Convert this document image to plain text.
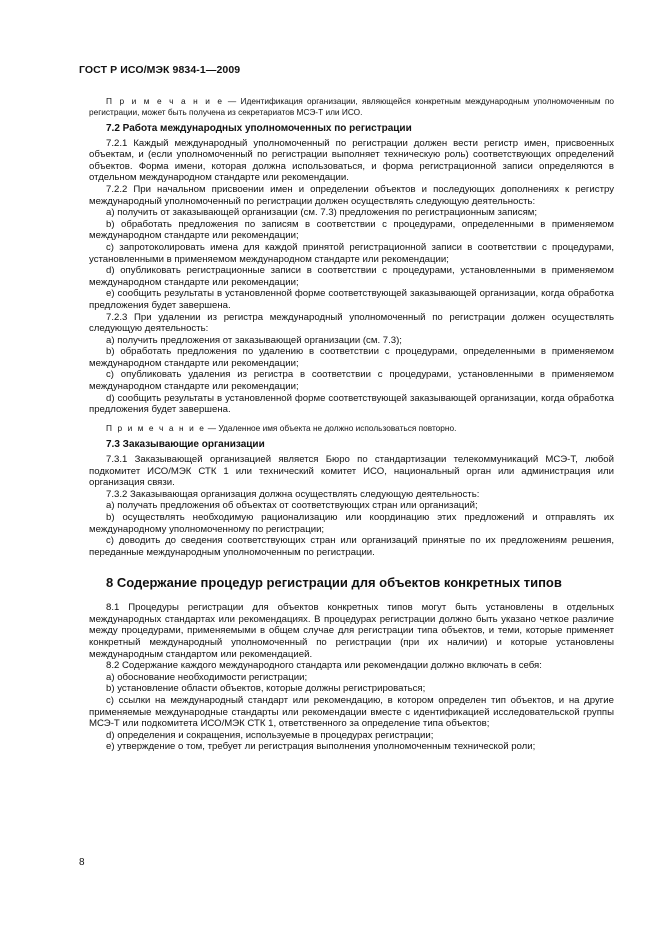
ГОСТ Р ИСО/МЭК 9834-1—2009

П р и м е ч а н и е — Идентификация организации, являющейся конкретным международным уполномоченным по регистрации, может быть получена из секретариатов МСЭ-Т или ИСО.

7.2 Работа международных уполномоченных по регистрации

7.2.1 Каждый международный уполномоченный по регистрации должен вести регистр имен, присвоенных объектам, и (если уполномоченный по регистрации выполняет техническую роль) соответствующих определений объектов. Форма имени, которая должна использоваться, и форма регистрационной записи определяются в отдельном международном стандарте или рекомендации.

7.2.2 При начальном присвоении имен и определении объектов и последующих дополнениях к регистру международный уполномоченный по регистрации должен осуществлять следующую деятельность:

a) получить от заказывающей организации (см. 7.3) предложения по регистрационным записям;

b) обработать предложения по записям в соответствии с процедурами, определенными в применяемом международном стандарте или рекомендации;

c) запротоколировать имена для каждой принятой регистрационной записи в соответствии с процедурами, установленными в применяемом международном стандарте или рекомендации;

d) опубликовать регистрационные записи в соответствии с процедурами, установленными в применяемом международном стандарте или рекомендации;

e) сообщить результаты в установленной форме соответствующей заказывающей организации, когда обработка предложения будет завершена.

7.2.3 При удалении из регистра международный уполномоченный по регистрации должен осуществлять следующую деятельность:

a) получить предложения от заказывающей организации (см. 7.3);

b) обработать предложения по удалению в соответствии с процедурами, определенными в применяемом международном стандарте или рекомендации;

c) опубликовать удаления из регистра в соответствии с процедурами, установленными в применяемом международном стандарте или рекомендации;

d) сообщить результаты в установленной форме соответствующей заказывающей организации, когда обработка предложения будет завершена.

П р и м е ч а н и е — Удаленное имя объекта не должно использоваться повторно.

7.3 Заказывающие организации

7.3.1 Заказывающей организацией является Бюро по стандартизации телекоммуникаций МСЭ-Т, любой подкомитет ИСО/МЭК СТК 1 или технический комитет ИСО, национальный орган или администрация или организация связи.

7.3.2 Заказывающая организация должна осуществлять следующую деятельность:

a) получать предложения об объектах от соответствующих стран или организаций;

b) осуществлять необходимую рационализацию или координацию этих предложений и отправлять их международному уполномоченному по регистрации;

c) доводить до сведения соответствующих стран или организаций принятые по их предложениям решения, переданные международным уполномоченным по регистрации.

8 Содержание процедур регистрации для объектов конкретных типов

8.1 Процедуры регистрации для объектов конкретных типов могут быть установлены в отдельных международных стандартах или рекомендациях. В процедурах регистрации должно быть указано четкое различие между процедурами, применяемыми в общем случае для регистрации типа объектов, и теми, которые применяет конкретный международный уполномоченный по регистрации (при их наличии) и которые установлены международным стандартом или рекомендацией.

8.2 Содержание каждого международного стандарта или рекомендации должно включать в себя:

a) обоснование необходимости регистрации;

b) установление области объектов, которые должны регистрироваться;

c) ссылки на международный стандарт или рекомендацию, в котором определен тип объектов, и на другие применяемые международные стандарты или рекомендации вместе с идентификацией исследовательской группы МСЭ-Т или подкомитета ИСО/МЭК СТК 1, ответственного за определение типа объектов;

d) определения и сокращения, используемые в процедурах регистрации;

e) утверждение о том, требует ли регистрация выполнения уполномоченным технической роли;

8
